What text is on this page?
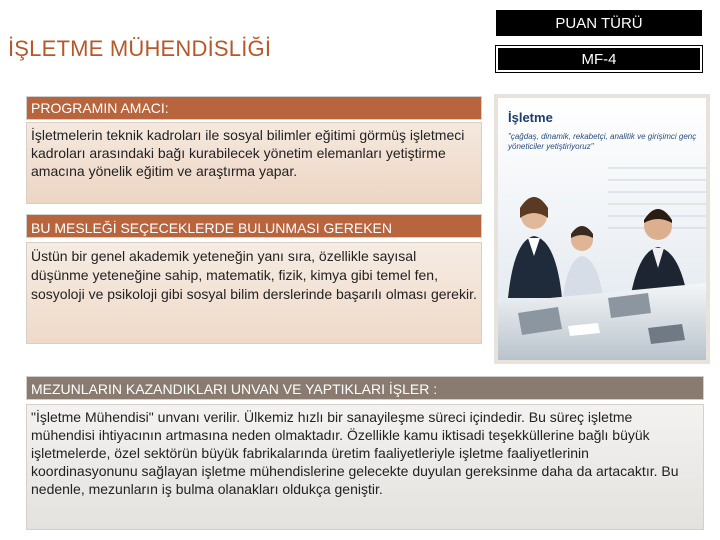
İŞLETME MÜHENDİSLİĞİ
PUAN TÜRÜ
MF-4
PROGRAMIN AMACI:
İşletmelerin teknik kadroları ile sosyal bilimler eğitimi görmüş işletmeci kadroları arasındaki bağı kurabilecek yönetim elemanları yetiştirme amacına yönelik eğitim ve araştırma yapar.
BU MESLEĞİ SEÇECEKLERDE BULUNMASI GEREKEN
Üstün bir genel akademik yeteneğin yanı sıra, özellikle sayısal düşünme yeteneğine sahip, matematik, fizik, kimya gibi temel fen, sosyoloji ve psikoloji gibi sosyal bilim derslerinde başarılı olması gerekir.
MEZUNLARIN KAZANDIKLARI UNVAN VE YAPTIKLARI İŞLER :
"İşletme Mühendisi" unvanı verilir. Ülkemiz hızlı bir sanayileşme süreci içindedir. Bu süreç işletme mühendisi ihtiyacının artmasına neden olmaktadır. Özellikle kamu iktisadi teşekküllerine bağlı büyük işletmelerde, özel sektörün büyük fabrikalarında üretim faaliyetleriyle işletme faaliyetlerinin koordinasyonunu sağlayan işletme mühendislerine gelecekte duyulan gereksinme daha da artacaktır. Bu nedenle, mezunların iş bulma olanakları oldukça geniştir.
İşletme
"çağdaş, dinamik, rekabetçi, analitik ve girişimci genç yöneticiler yetiştiriyoruz"
